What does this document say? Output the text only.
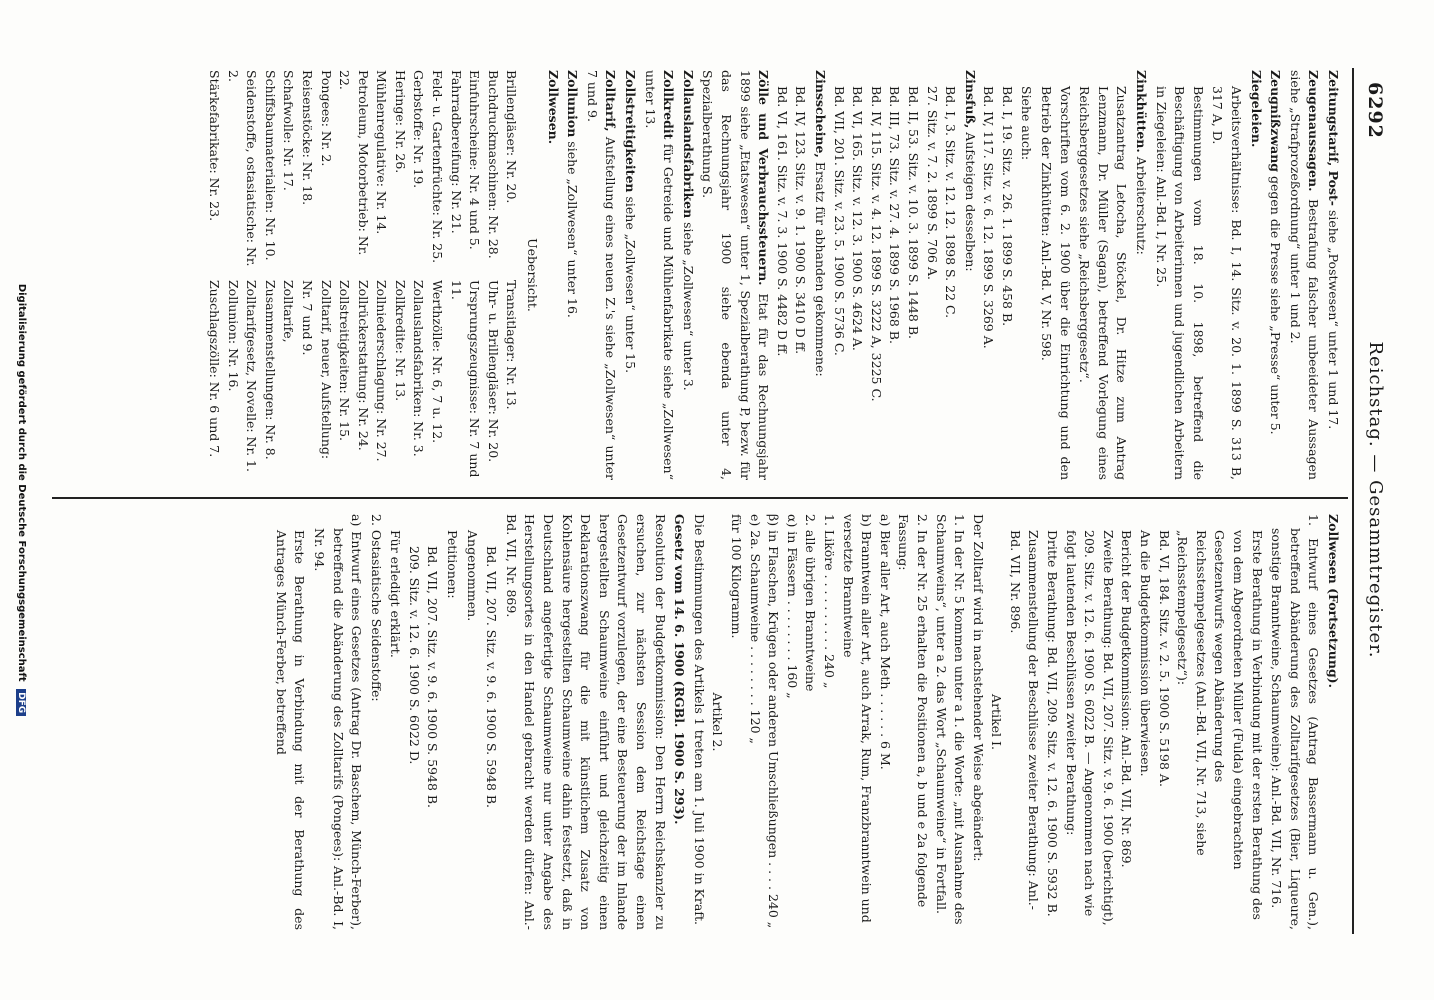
6292
Reichstag. — Gesammtregister.

Zeitungstarif, Post- siehe „Postwesen“ unter 1 und 17.

Zeugenaussagen. Bestrafung falscher unbeeideter Aussagen siehe „Strafprozeßordnung“ unter 1 und 2.

Zeugnißzwang gegen die Presse siehe „Presse“ unter 5.

Ziegeleien.

Arbeitsverhältnisse: Bd. I, 14. Sitz. v. 20. 1. 1899 S. 313 B, 317 A, D.

Bestimmungen vom 18. 10. 1898, betreffend die Beschäftigung von Arbeiterinnen und jugendlichen Arbeitern in Ziegeleien: Anl.-Bd. I, Nr. 25.

Zinkhütten. Arbeiterschutz:

Zusatzantrag Letocha, Stöckel, Dr. Hitze zum Antrag Lenzmann, Dr. Müller (Sagan), betreffend Vorlegung eines Reichsberggesetzes siehe „Reichsberggesetz“.

Vorschriften vom 6. 2. 1900 über die Einrichtung und den Betrieb der Zinkhütten: Anl.-Bd. V, Nr. 598.

Siehe auch:

Bd. I, 19. Sitz. v. 26. 1. 1899 S. 458 B.

Bd. IV, 117. Sitz. v. 6. 12. 1899 S. 3269 A.

Zinsfuß, Aufsteigen desselben:

Bd. I, 3. Sitz. v. 12. 12. 1898 S. 22 C.

27. Sitz. v. 7. 2. 1899 S. 706 A.

Bd. II, 53. Sitz. v. 10. 3. 1899 S. 1448 B.

Bd. III, 73. Sitz. v. 27. 4. 1899 S. 1968 B.

Bd. IV, 115. Sitz. v. 4. 12. 1899 S. 3222 A, 3225 C.

Bd. VI, 165. Sitz. v. 12. 3. 1900 S. 4624 A.

Bd. VII, 201. Sitz. v. 23. 5. 1900 S. 5736 C.

Zinsscheine, Ersatz für abhanden gekommene:

Bd. IV, 123. Sitz. v. 9. 1. 1900 S. 3410 D ff.

Bd. VI, 161. Sitz. v. 7. 3. 1900 S. 4482 D ff.

Zölle und Verbrauchssteuern. Etat für das Rechnungsjahr 1899 siehe „Etatswesen“ unter 1, Spezialberathung P, bezw. für das Rechnungsjahr 1900 siehe ebenda unter 4, Spezialberathung S.

Zollauslandsfabriken siehe „Zollwesen“ unter 3.

Zollkredit für Getreide und Mühlenfabrikate siehe „Zollwesen“ unter 13.

Zollstreitigkeiten siehe „Zollwesen“ unter 15.

Zolltarif, Aufstellung eines neuen Z.'s siehe „Zollwesen“ unter 7 und 9.

Zollunion siehe „Zollwesen“ unter 16.

Zollwesen.

Uebersicht.

Brillengläser: Nr. 20.

Buchdruckmaschinen: Nr. 28.

Einfuhrscheine: Nr. 4 und 5.

Fahrradbereifung: Nr. 21.

Feld- u. Gartenfrüchte: Nr. 25.

Gerbstoffe: Nr. 19.

Heringe: Nr. 26.

Mühlenregulative: Nr. 14.

Petroleum, Motorbetrieb: Nr. 22.

Pongees: Nr. 2.

Reisenstöcke: Nr. 18.

Schafwolle: Nr. 17.

Schiffsbaumaterialien: Nr. 10.

Seidenstoffe, ostasiatische: Nr. 2.

Stärkefabrikate: Nr. 23.

Transitlager: Nr. 13.

Uhr- u. Brillengläser: Nr. 20.

Ursprungszeugnisse: Nr. 7 und 11.

Werthzölle: Nr. 6, 7 u. 12.

Zollauslandsfabriken: Nr. 3.

Zollkredite: Nr. 13.

Zollniederschlagung: Nr. 27.

Zollrückerstattung: Nr. 24.

Zollstreitigkeiten: Nr. 15.

Zolltarif, neuer, Aufstellung: Nr. 7 und 9.

Zolltarife, Zusammenstellungen: Nr. 8.

Zolltarifgesetz, Novelle: Nr. 1.

Zollunion: Nr. 16.

Zuschlagszölle: Nr. 6 und 7.

Zollwesen (Fortsetzung).

1. Entwurf eines Gesetzes (Antrag Bassermann u. Gen.), betreffend Abänderung des Zolltarifgesetzes (Bier, Liqueure, sonstige Branntweine, Schaumweine): Anl.-Bd. VII, Nr. 716.

Erste Berathung in Verbindung mit der ersten Berathung des von dem Abgeordneten Müller (Fulda) eingebrachten Gesetzentwurfs wegen Abänderung des Reichsstempelgesetzes (Anl.-Bd. VII, Nr. 713, siehe „Reichsstempelgesetz“):

Bd. VI, 184. Sitz. v. 2. 5. 1900 S. 5198 A.

An die Budgetkommission überwiesen.

Bericht der Budgetkommission: Anl.-Bd. VII, Nr. 869.

Zweite Berathung: Bd. VII, 207. Sitz. v. 9. 6. 1900 (berichtigt), 209. Sitz. v. 12. 6. 1900 S. 6022 B. — Angenommen nach wie folgt lautenden Beschlüssen zweiter Berathung:

Dritte Berathung: Bd. VII, 209. Sitz. v. 12. 6. 1900 S. 5932 B.

Zusammenstellung der Beschlüsse zweiter Berathung: Anl.-Bd. VII, Nr. 896.

Artikel I.

Der Zolltarif wird in nachstehender Weise abgeändert:

1. In der Nr. 5 kommen unter a 1. die Worte: „mit Ausnahme des Schaumweins“, unter a 2. das Wort „Schaumweine“ in Fortfall.

2. In der Nr. 25 erhalten die Positionen a, b und e 2a folgende Fassung:

a) Bier aller Art, auch Meth . . . . . . 6 M.

b) Branntwein aller Art, auch Arrak, Rum, Franzbranntwein und versetzte Branntweine

1. Liköre . . . . . . . . . . 240 „

2. alle übrigen Branntweine

α) in Fässern . . . . . . . . 160 „

β) in Flaschen, Krügen oder anderen Umschließungen . . . . 240 „

e) 2a. Schaumweine . . . . . . . . 120 „

für 100 Kilogramm.

Artikel 2.

Die Bestimmungen des Artikels 1 treten am 1. Juli 1900 in Kraft.

Gesetz vom 14. 6. 1900 (RGBl. 1900 S. 293).

Resolution der Budgetkommission: Den Herrn Reichskanzler zu ersuchen, zur nächsten Session dem Reichstage einen Gesetzentwurf vorzulegen, der eine Besteuerung der im Inlande hergestellten Schaumweine einführt und gleichzeitig einen Deklarationszwang für die mit künstlichem Zusatz von Kohlensäure hergestellten Schaumweine dahin festsetzt, daß in Deutschland angefertigte Schaumweine nur unter Angabe des Herstellungsortes in den Handel gebracht werden dürfen: Anl.-Bd. VII, Nr. 869.

Bd. VII, 207. Sitz. v. 9. 6. 1900 S. 5948 B.

Angenommen.

Petitionen:

Bd. VII, 207. Sitz. v. 9. 6. 1900 S. 5948 B.

209. Sitz. v. 12. 6. 1900 S. 6022 D.

Für erledigt erklärt.

2. Ostasiatische Seidenstoffe:

a) Entwurf eines Gesetzes (Antrag Dr. Baschem, Münch-Ferber), betreffend die Abänderung des Zolltarifs (Pongees): Anl.-Bd. I, Nr. 94.

Erste Berathung in Verbindung mit der Berathung des Antrages Münch-Ferber, betreffend

Digitalisierung gefördert durch die Deutsche Forschungsgemeinschaft DFG
